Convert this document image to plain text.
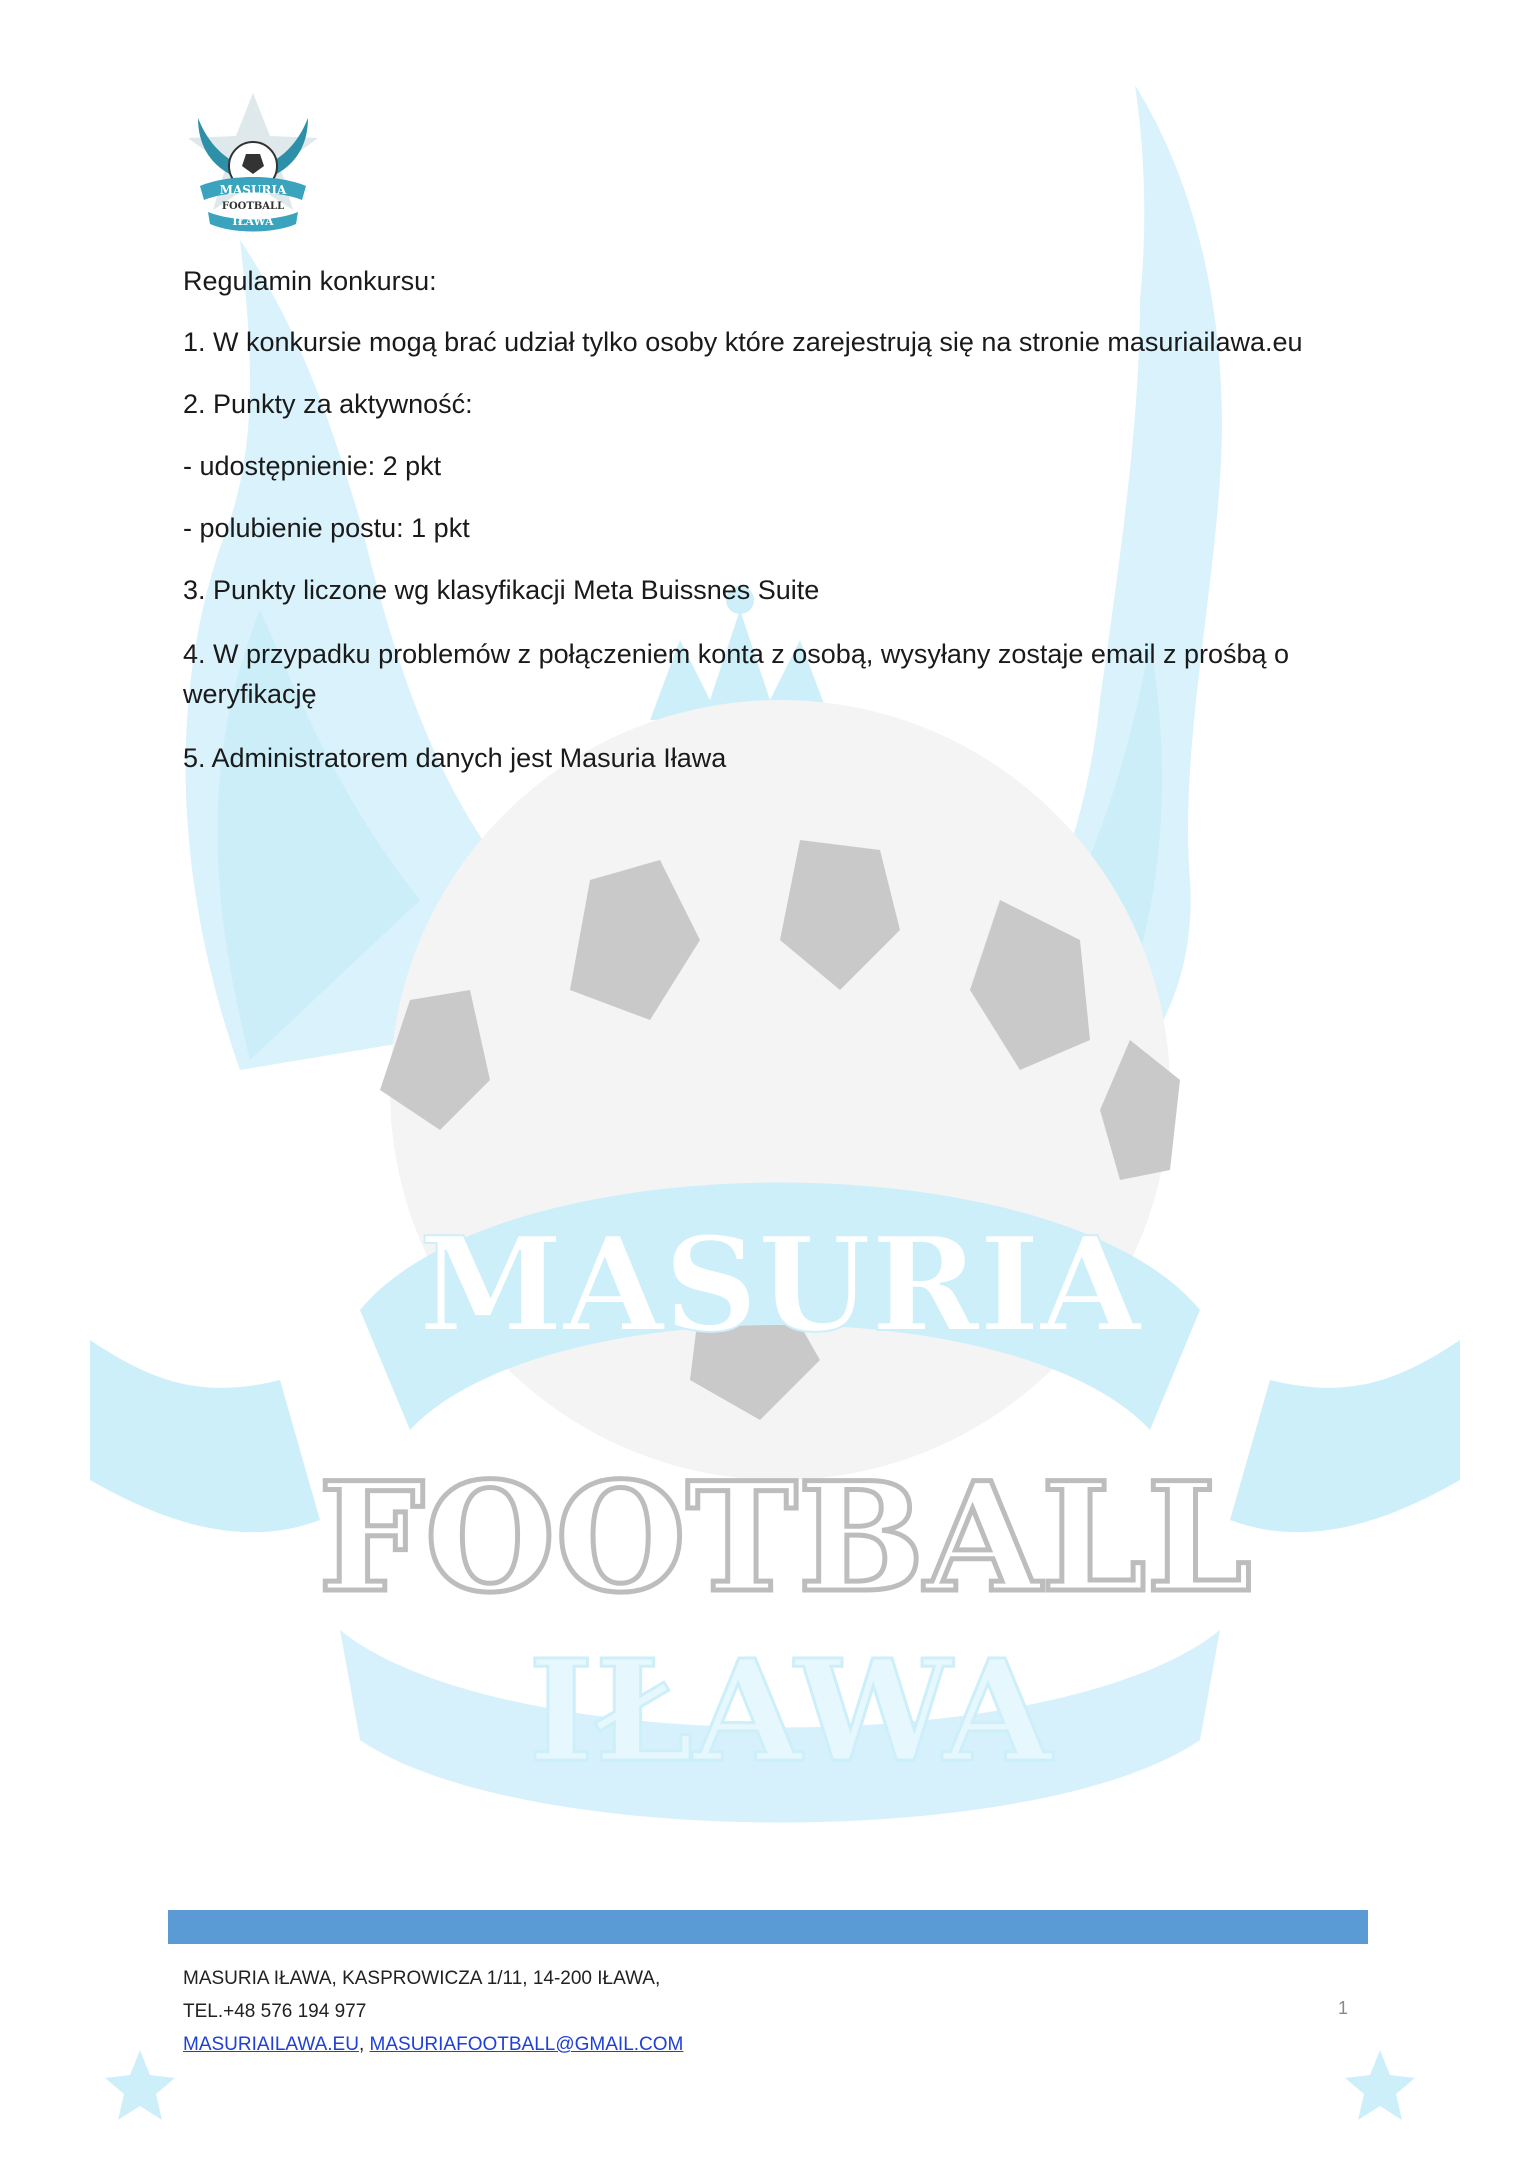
MASURIA
FOOTBALL
IŁAWA
MASURIA
FOOTBALL
IŁAWA

Regulamin konkursu:

1. W konkursie mogą brać udział tylko osoby które zarejestrują się na stronie masuriailawa.eu

2. Punkty za aktywność:

- udostępnienie: 2 pkt

- polubienie postu: 1 pkt

3. Punkty liczone wg klasyfikacji Meta Buissnes Suite

4. W przypadku problemów z połączeniem konta z osobą, wysyłany zostaje email z prośbą o weryfikację

5. Administratorem danych jest Masuria Iława

MASURIA IŁAWA, KASPROWICZA 1/11, 14-200 IŁAWA,
TEL.+48 576 194 977
MASURIAILAWA.EU, MASURIAFOOTBALL@GMAIL.COM
1
